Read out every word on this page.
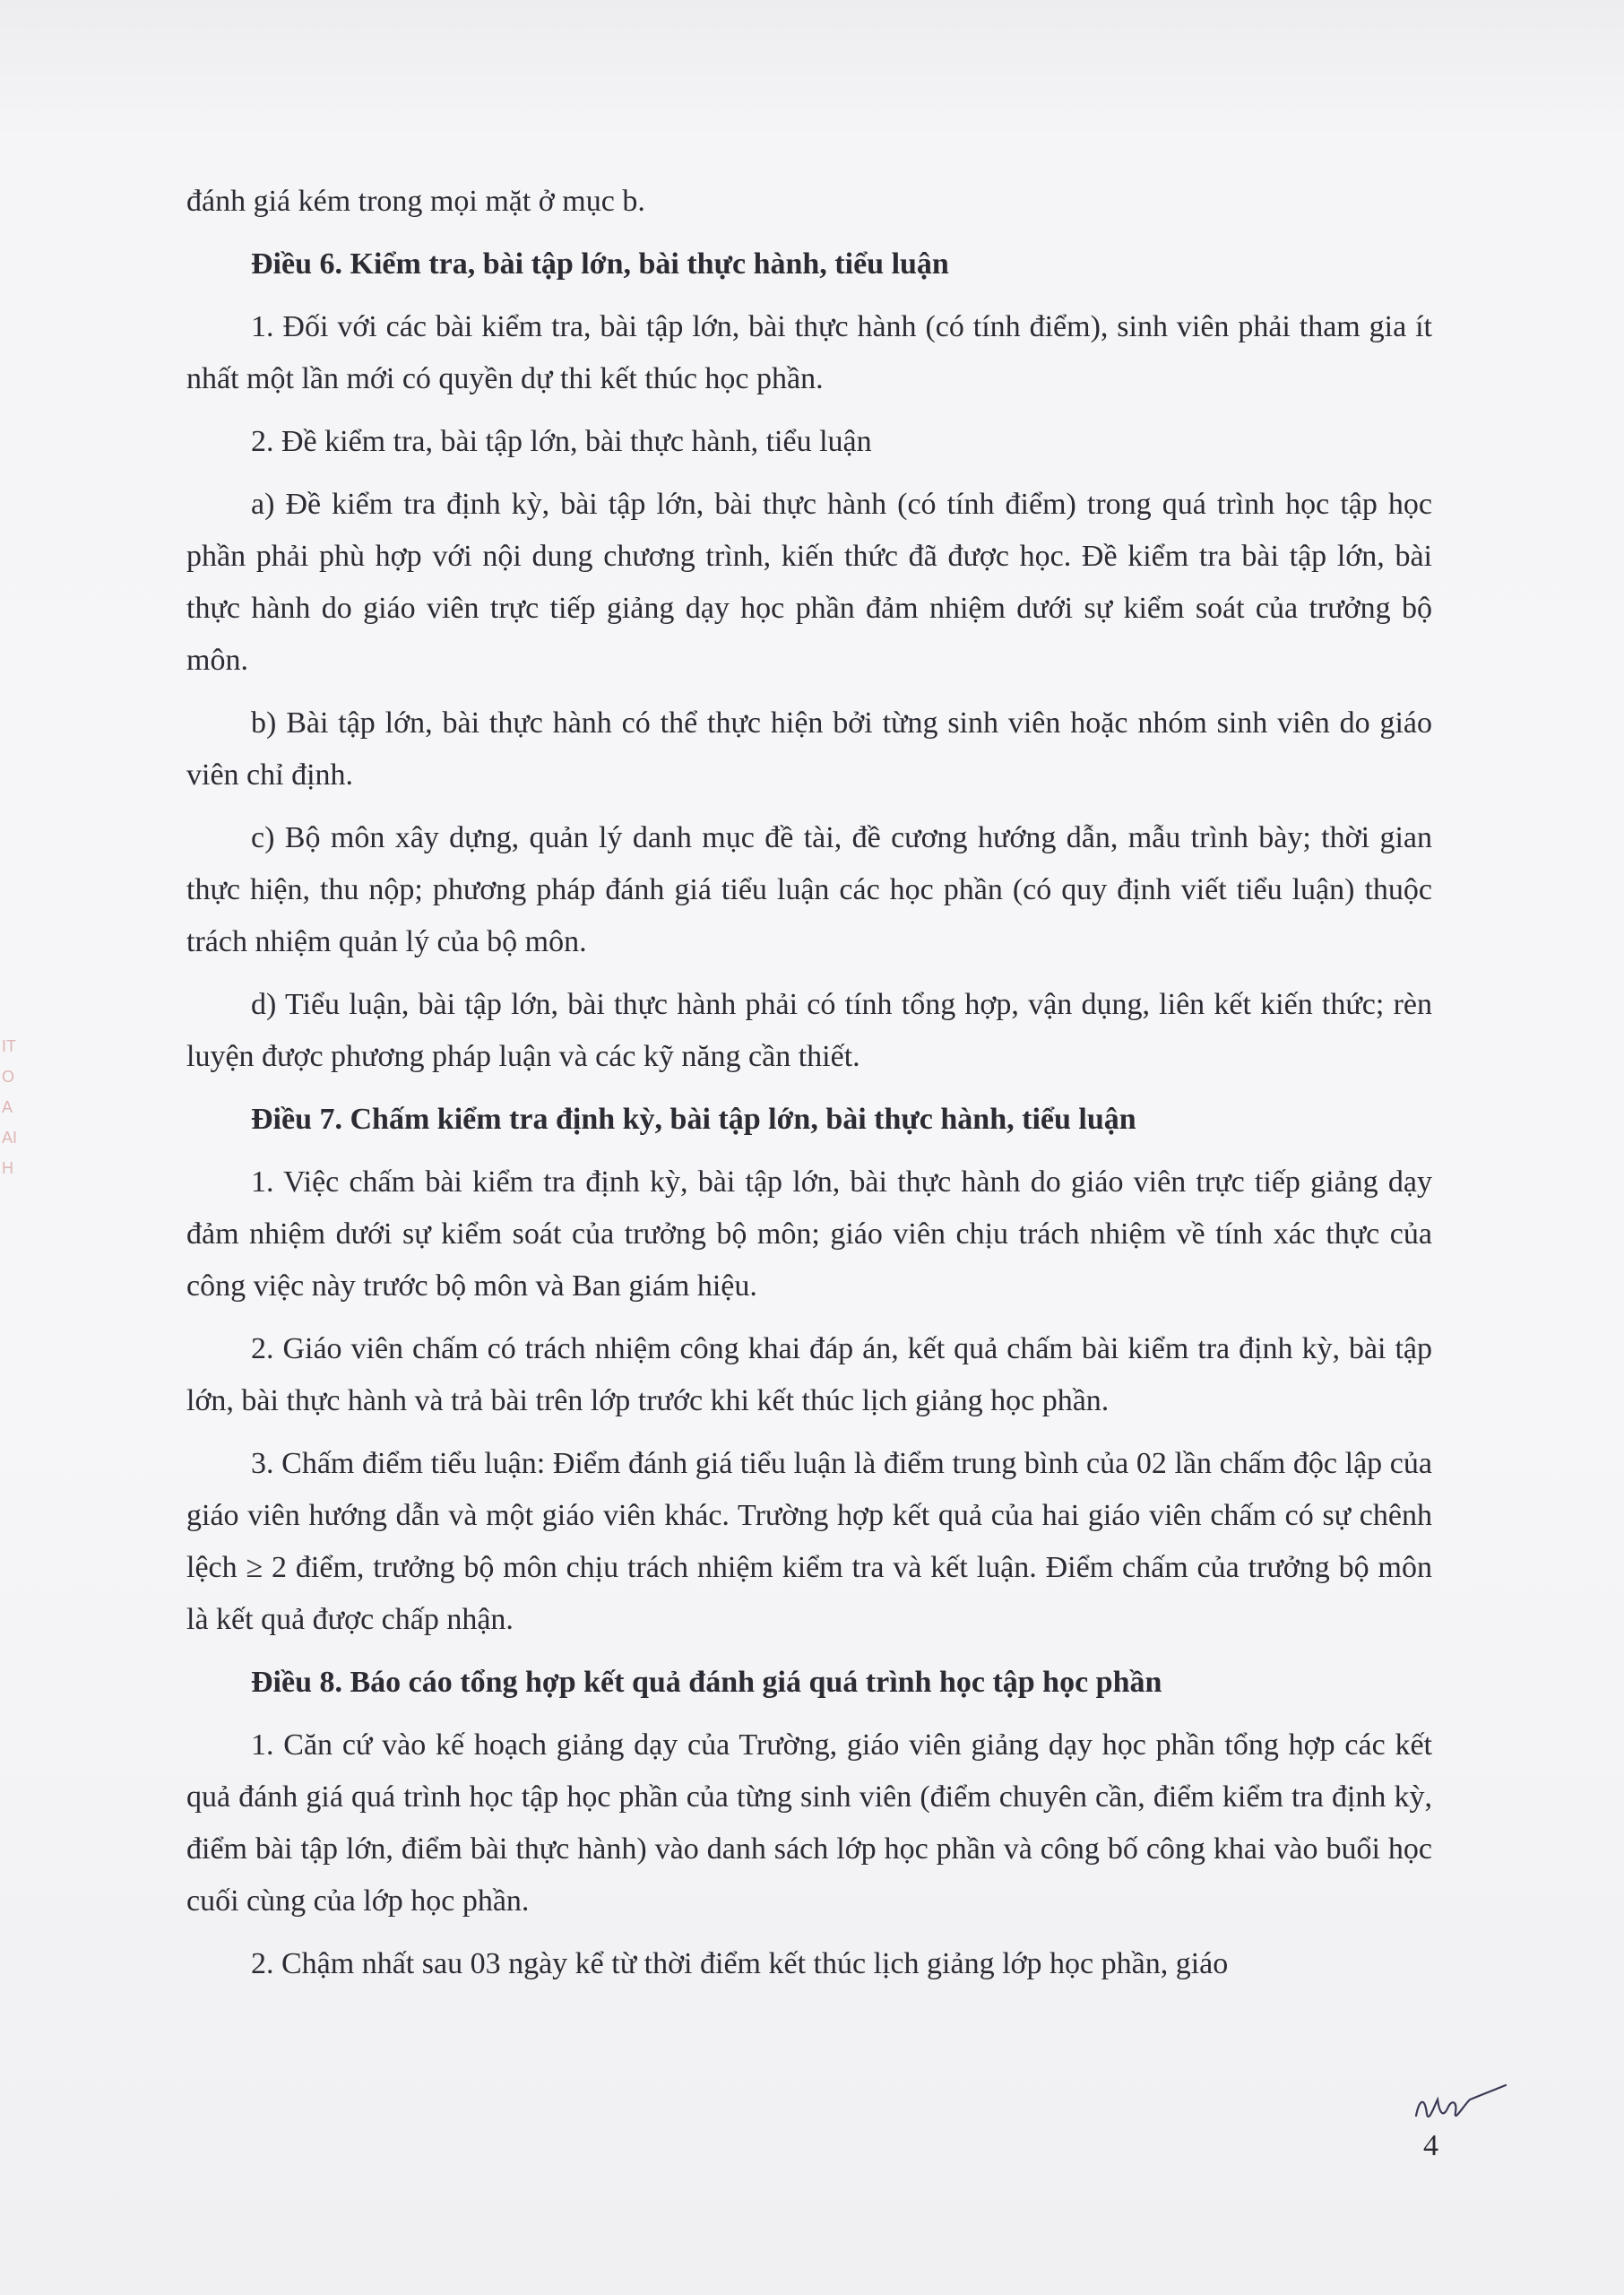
IT
O
A
AI
H

đánh giá kém trong mọi mặt ở mục b.

Điều 6. Kiểm tra, bài tập lớn, bài thực hành, tiểu luận

1. Đối với các bài kiểm tra, bài tập lớn, bài thực hành (có tính điểm), sinh viên phải tham gia ít nhất một lần mới có quyền dự thi kết thúc học phần.

2. Đề kiểm tra, bài tập lớn, bài thực hành, tiểu luận

a) Đề kiểm tra định kỳ, bài tập lớn, bài thực hành (có tính điểm) trong quá trình học tập học phần phải phù hợp với nội dung chương trình, kiến thức đã được học. Đề kiểm tra bài tập lớn, bài thực hành do giáo viên trực tiếp giảng dạy học phần đảm nhiệm dưới sự kiểm soát của trưởng bộ môn.

b) Bài tập lớn, bài thực hành có thể thực hiện bởi từng sinh viên hoặc nhóm sinh viên do giáo viên chỉ định.

c) Bộ môn xây dựng, quản lý danh mục đề tài, đề cương hướng dẫn, mẫu trình bày; thời gian thực hiện, thu nộp; phương pháp đánh giá tiểu luận các học phần (có quy định viết tiểu luận) thuộc trách nhiệm quản lý của bộ môn.

d) Tiểu luận, bài tập lớn, bài thực hành phải có tính tổng hợp, vận dụng, liên kết kiến thức; rèn luyện được phương pháp luận và các kỹ năng cần thiết.

Điều 7. Chấm kiểm tra định kỳ, bài tập lớn, bài thực hành, tiểu luận

1. Việc chấm bài kiểm tra định kỳ, bài tập lớn, bài thực hành do giáo viên trực tiếp giảng dạy đảm nhiệm dưới sự kiểm soát của trưởng bộ môn; giáo viên chịu trách nhiệm về tính xác thực của công việc này trước bộ môn và Ban giám hiệu.

2. Giáo viên chấm có trách nhiệm công khai đáp án, kết quả chấm bài kiểm tra định kỳ, bài tập lớn, bài thực hành và trả bài trên lớp trước khi kết thúc lịch giảng học phần.

3. Chấm điểm tiểu luận: Điểm đánh giá tiểu luận là điểm trung bình của 02 lần chấm độc lập của giáo viên hướng dẫn và một giáo viên khác. Trường hợp kết quả của hai giáo viên chấm có sự chênh lệch ≥ 2 điểm, trưởng bộ môn chịu trách nhiệm kiểm tra và kết luận. Điểm chấm của trưởng bộ môn là kết quả được chấp nhận.

Điều 8. Báo cáo tổng hợp kết quả đánh giá quá trình học tập học phần

1. Căn cứ vào kế hoạch giảng dạy của Trường, giáo viên giảng dạy học phần tổng hợp các kết quả đánh giá quá trình học tập học phần của từng sinh viên (điểm chuyên cần, điểm kiểm tra định kỳ, điểm bài tập lớn, điểm bài thực hành) vào danh sách lớp học phần và công bố công khai vào buổi học cuối cùng của lớp học phần.

2. Chậm nhất sau 03 ngày kể từ thời điểm kết thúc lịch giảng lớp học phần, giáo

4
